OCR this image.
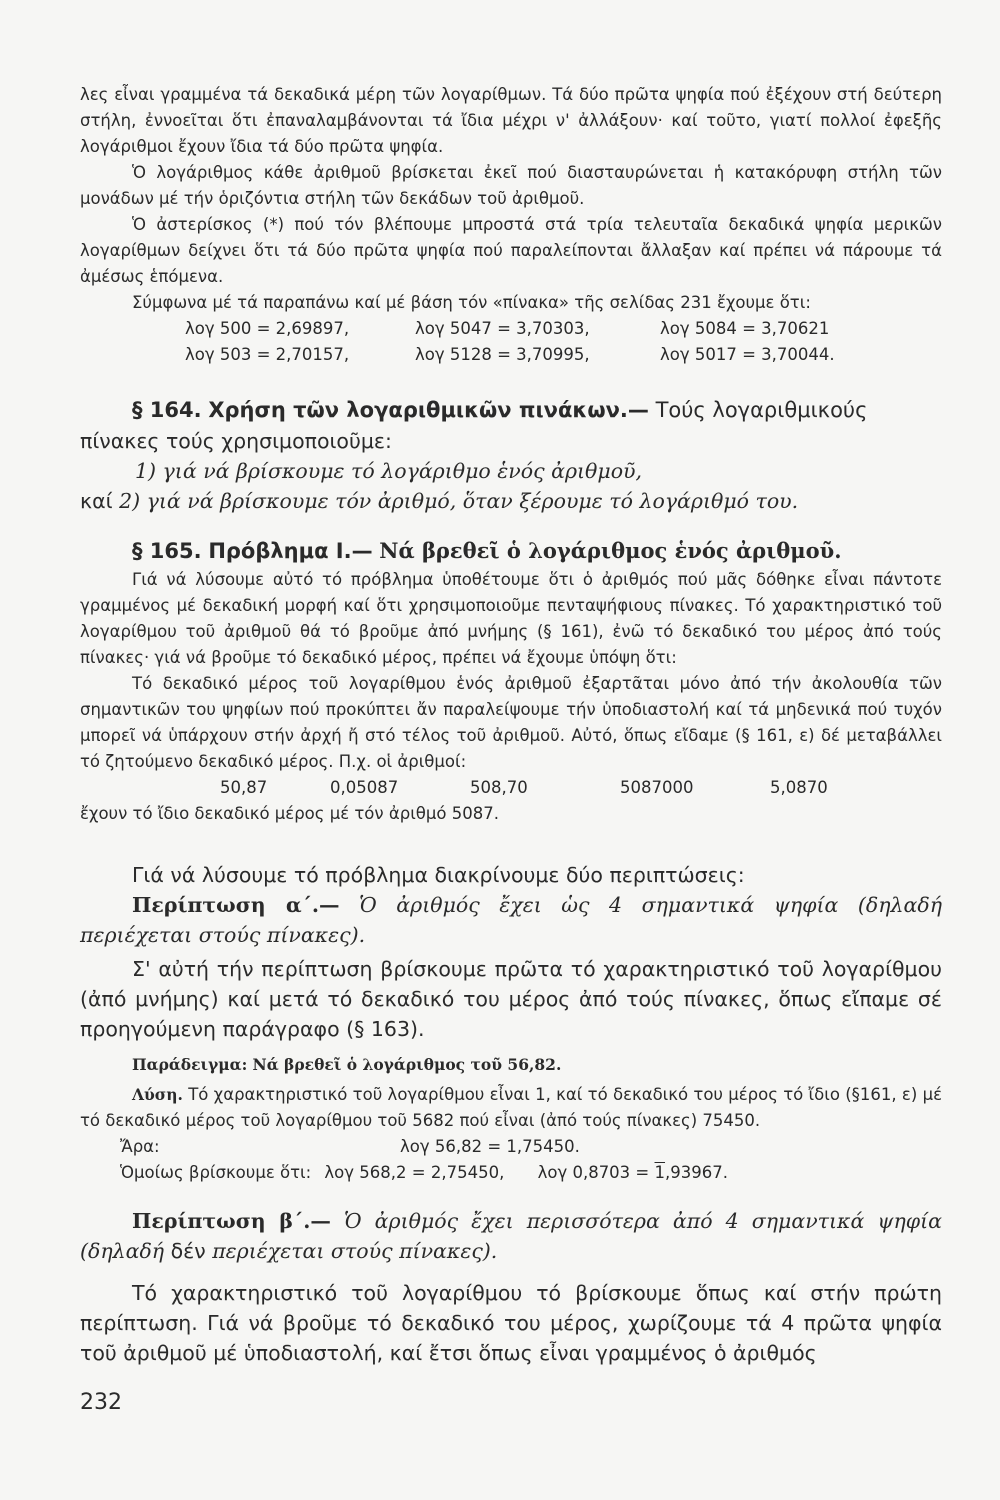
λες εἶναι γραμμένα τά δεκαδικά μέρη τῶν λογαρίθμων. Τά δύο πρῶτα ψηφία πού ἐξέχουν στή δεύτερη στήλη, ἐννοεῖται ὅτι ἐπαναλαμβάνονται τά ἴδια μέχρι ν' ἀλλάξουν· καί τοῦτο, γιατί πολλοί ἐφεξῆς λογάριθμοι ἔχουν ἴδια τά δύο πρῶτα ψηφία.

Ὁ λογάριθμος κάθε ἀριθμοῦ βρίσκεται ἐκεῖ πού διασταυρώνεται ἡ κατακόρυφη στήλη τῶν μονάδων μέ τήν ὁριζόντια στήλη τῶν δεκάδων τοῦ ἀριθμοῦ.

Ὁ ἀστερίσκος (*) πού τόν βλέπουμε μπροστά στά τρία τελευταῖα δεκαδικά ψηφία μερικῶν λογαρίθμων δείχνει ὅτι τά δύο πρῶτα ψηφία πού παραλείπονται ἄλλαξαν καί πρέπει νά πάρουμε τά ἀμέσως ἑπόμενα.

Σύμφωνα μέ τά παραπάνω καί μέ βάση τόν «πίνακα» τῆς σελίδας 231 ἔχουμε ὅτι:

λογ 500 = 2,69897,	λογ 5047 = 3,70303,	λογ 5084 = 3,70621
λογ 503 = 2,70157,	λογ 5128 = 3,70995,	λογ 5017 = 3,70044.

§ 164. Χρήση τῶν λογαριθμικῶν πινάκων.— Τούς λογαριθμικούς

πίνακες τούς χρησιμοποιοῦμε:

1) γιά νά βρίσκουμε τό λογάριθμο ἑνός ἀριθμοῦ,

καί 2) γιά νά βρίσκουμε τόν ἀριθμό, ὅταν ξέρουμε τό λογάριθμό του.

§ 165. Πρόβλημα Ι.— Νά βρεθεῖ ὁ λογάριθμος ἑνός ἀριθμοῦ.

Γιά νά λύσουμε αὐτό τό πρόβλημα ὑποθέτουμε ὅτι ὁ ἀριθμός πού μᾶς δόθηκε εἶναι πάντοτε γραμμένος μέ δεκαδική μορφή καί ὅτι χρησιμοποιοῦμε πενταψήφιους πίνακες. Τό χαρακτηριστικό τοῦ λογαρίθμου τοῦ ἀριθμοῦ θά τό βροῦμε ἀπό μνήμης (§ 161), ἐνῶ τό δεκαδικό του μέρος ἀπό τούς πίνακες· γιά νά βροῦμε τό δεκαδικό μέρος, πρέπει νά ἔχουμε ὑπόψη ὅτι:

Τό δεκαδικό μέρος τοῦ λογαρίθμου ἑνός ἀριθμοῦ ἐξαρτᾶται μόνο ἀπό τήν ἀκολουθία τῶν σημαντικῶν του ψηφίων πού προκύπτει ἄν παραλείψουμε τήν ὑποδιαστολή καί τά μηδενικά πού τυχόν μπορεῖ νά ὑπάρχουν στήν ἀρχή ἤ στό τέλος τοῦ ἀριθμοῦ. Αὐτό, ὅπως εἴδαμε (§ 161, ε) δέ μεταβάλλει τό ζητούμενο δεκαδικό μέρος. Π.χ. οἱ ἀριθμοί:

50,87	0,05087	508,70	5087000	5,0870

ἔχουν τό ἴδιο δεκαδικό μέρος μέ τόν ἀριθμό 5087.

Γιά νά λύσουμε τό πρόβλημα διακρίνουμε δύο περιπτώσεις:

Περίπτωση α΄.— Ὁ ἀριθμός ἔχει ὡς 4 σημαντικά ψηφία (δηλαδή περιέχεται στούς πίνακες).

Σ' αὐτή τήν περίπτωση βρίσκουμε πρῶτα τό χαρακτηριστικό τοῦ λογαρίθμου (ἀπό μνήμης) καί μετά τό δεκαδικό του μέρος ἀπό τούς πίνακες, ὅπως εἴπαμε σέ προηγούμενη παράγραφο (§ 163).

Παράδειγμα: Νά βρεθεῖ ὁ λογάριθμος τοῦ 56,82.

Λύση. Τό χαρακτηριστικό τοῦ λογαρίθμου εἶναι 1, καί τό δεκαδικό του μέρος τό ἴδιο (§161, ε) μέ τό δεκαδικό μέρος τοῦ λογαρίθμου τοῦ 5682 πού εἶναι (ἀπό τούς πίνακες) 75450.

Ἄρα:	λογ 56,82 = 1,75450.

Ὁμοίως βρίσκουμε ὅτι: λογ 568,2 = 2,75450, λογ 0,8703 = 1,93967.

Περίπτωση β΄.— Ὁ ἀριθμός ἔχει περισσότερα ἀπό 4 σημαντικά ψηφία (δηλαδή δέν περιέχεται στούς πίνακες).

Τό χαρακτηριστικό τοῦ λογαρίθμου τό βρίσκουμε ὅπως καί στήν πρώτη περίπτωση. Γιά νά βροῦμε τό δεκαδικό του μέρος, χωρίζουμε τά 4 πρῶτα ψηφία τοῦ ἀριθμοῦ μέ ὑποδιαστολή, καί ἔτσι ὅπως εἶναι γραμμένος ὁ ἀριθμός

232
